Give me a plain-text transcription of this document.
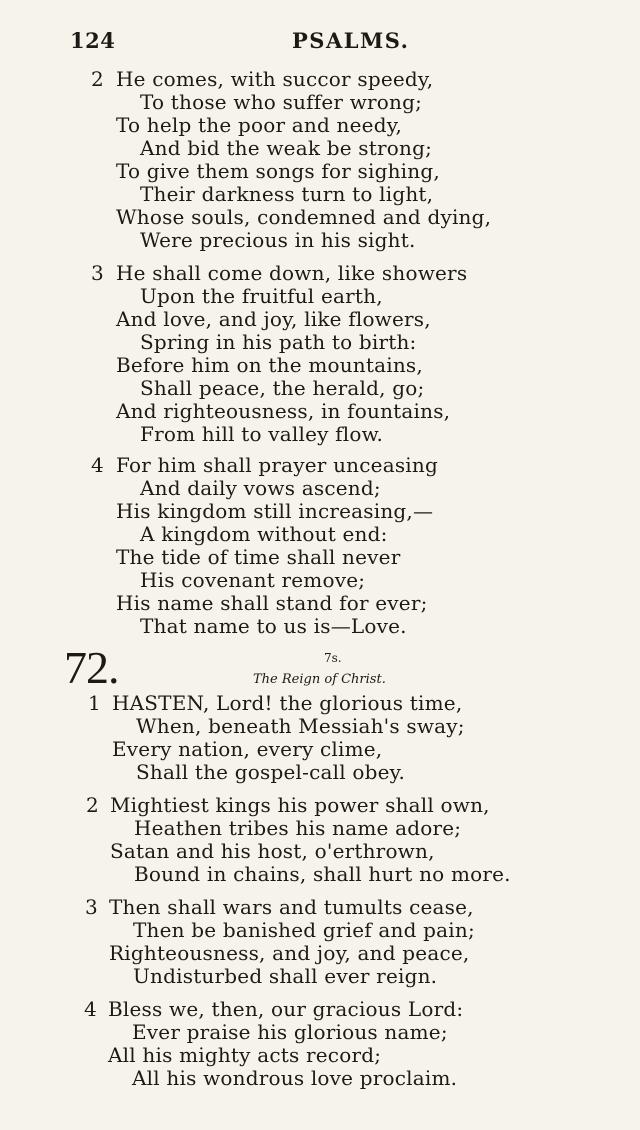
124	PSALMS.
2 He comes, with succor speedy,
To those who suffer wrong;
To help the poor and needy,
And bid the weak be strong;
To give them songs for sighing,
Their darkness turn to light,
Whose souls, condemned and dying,
Were precious in his sight.
3 He shall come down, like showers
Upon the fruitful earth,
And love, and joy, like flowers,
Spring in his path to birth:
Before him on the mountains,
Shall peace, the herald, go;
And righteousness, in fountains,
From hill to valley flow.
4 For him shall prayer unceasing
And daily vows ascend;
His kingdom still increasing,—
A kingdom without end:
The tide of time shall never
His covenant remove;
His name shall stand for ever;
That name to us is—Love.
72.	7s.
The Reign of Christ.
1 HASTEN, Lord! the glorious time,
When, beneath Messiah's sway;
Every nation, every clime,
Shall the gospel-call obey.
2 Mightiest kings his power shall own,
Heathen tribes his name adore;
Satan and his host, o'erthrown,
Bound in chains, shall hurt no more.
3 Then shall wars and tumults cease,
Then be banished grief and pain;
Righteousness, and joy, and peace,
Undisturbed shall ever reign.
4 Bless we, then, our gracious Lord:
Ever praise his glorious name;
All his mighty acts record;
All his wondrous love proclaim.
